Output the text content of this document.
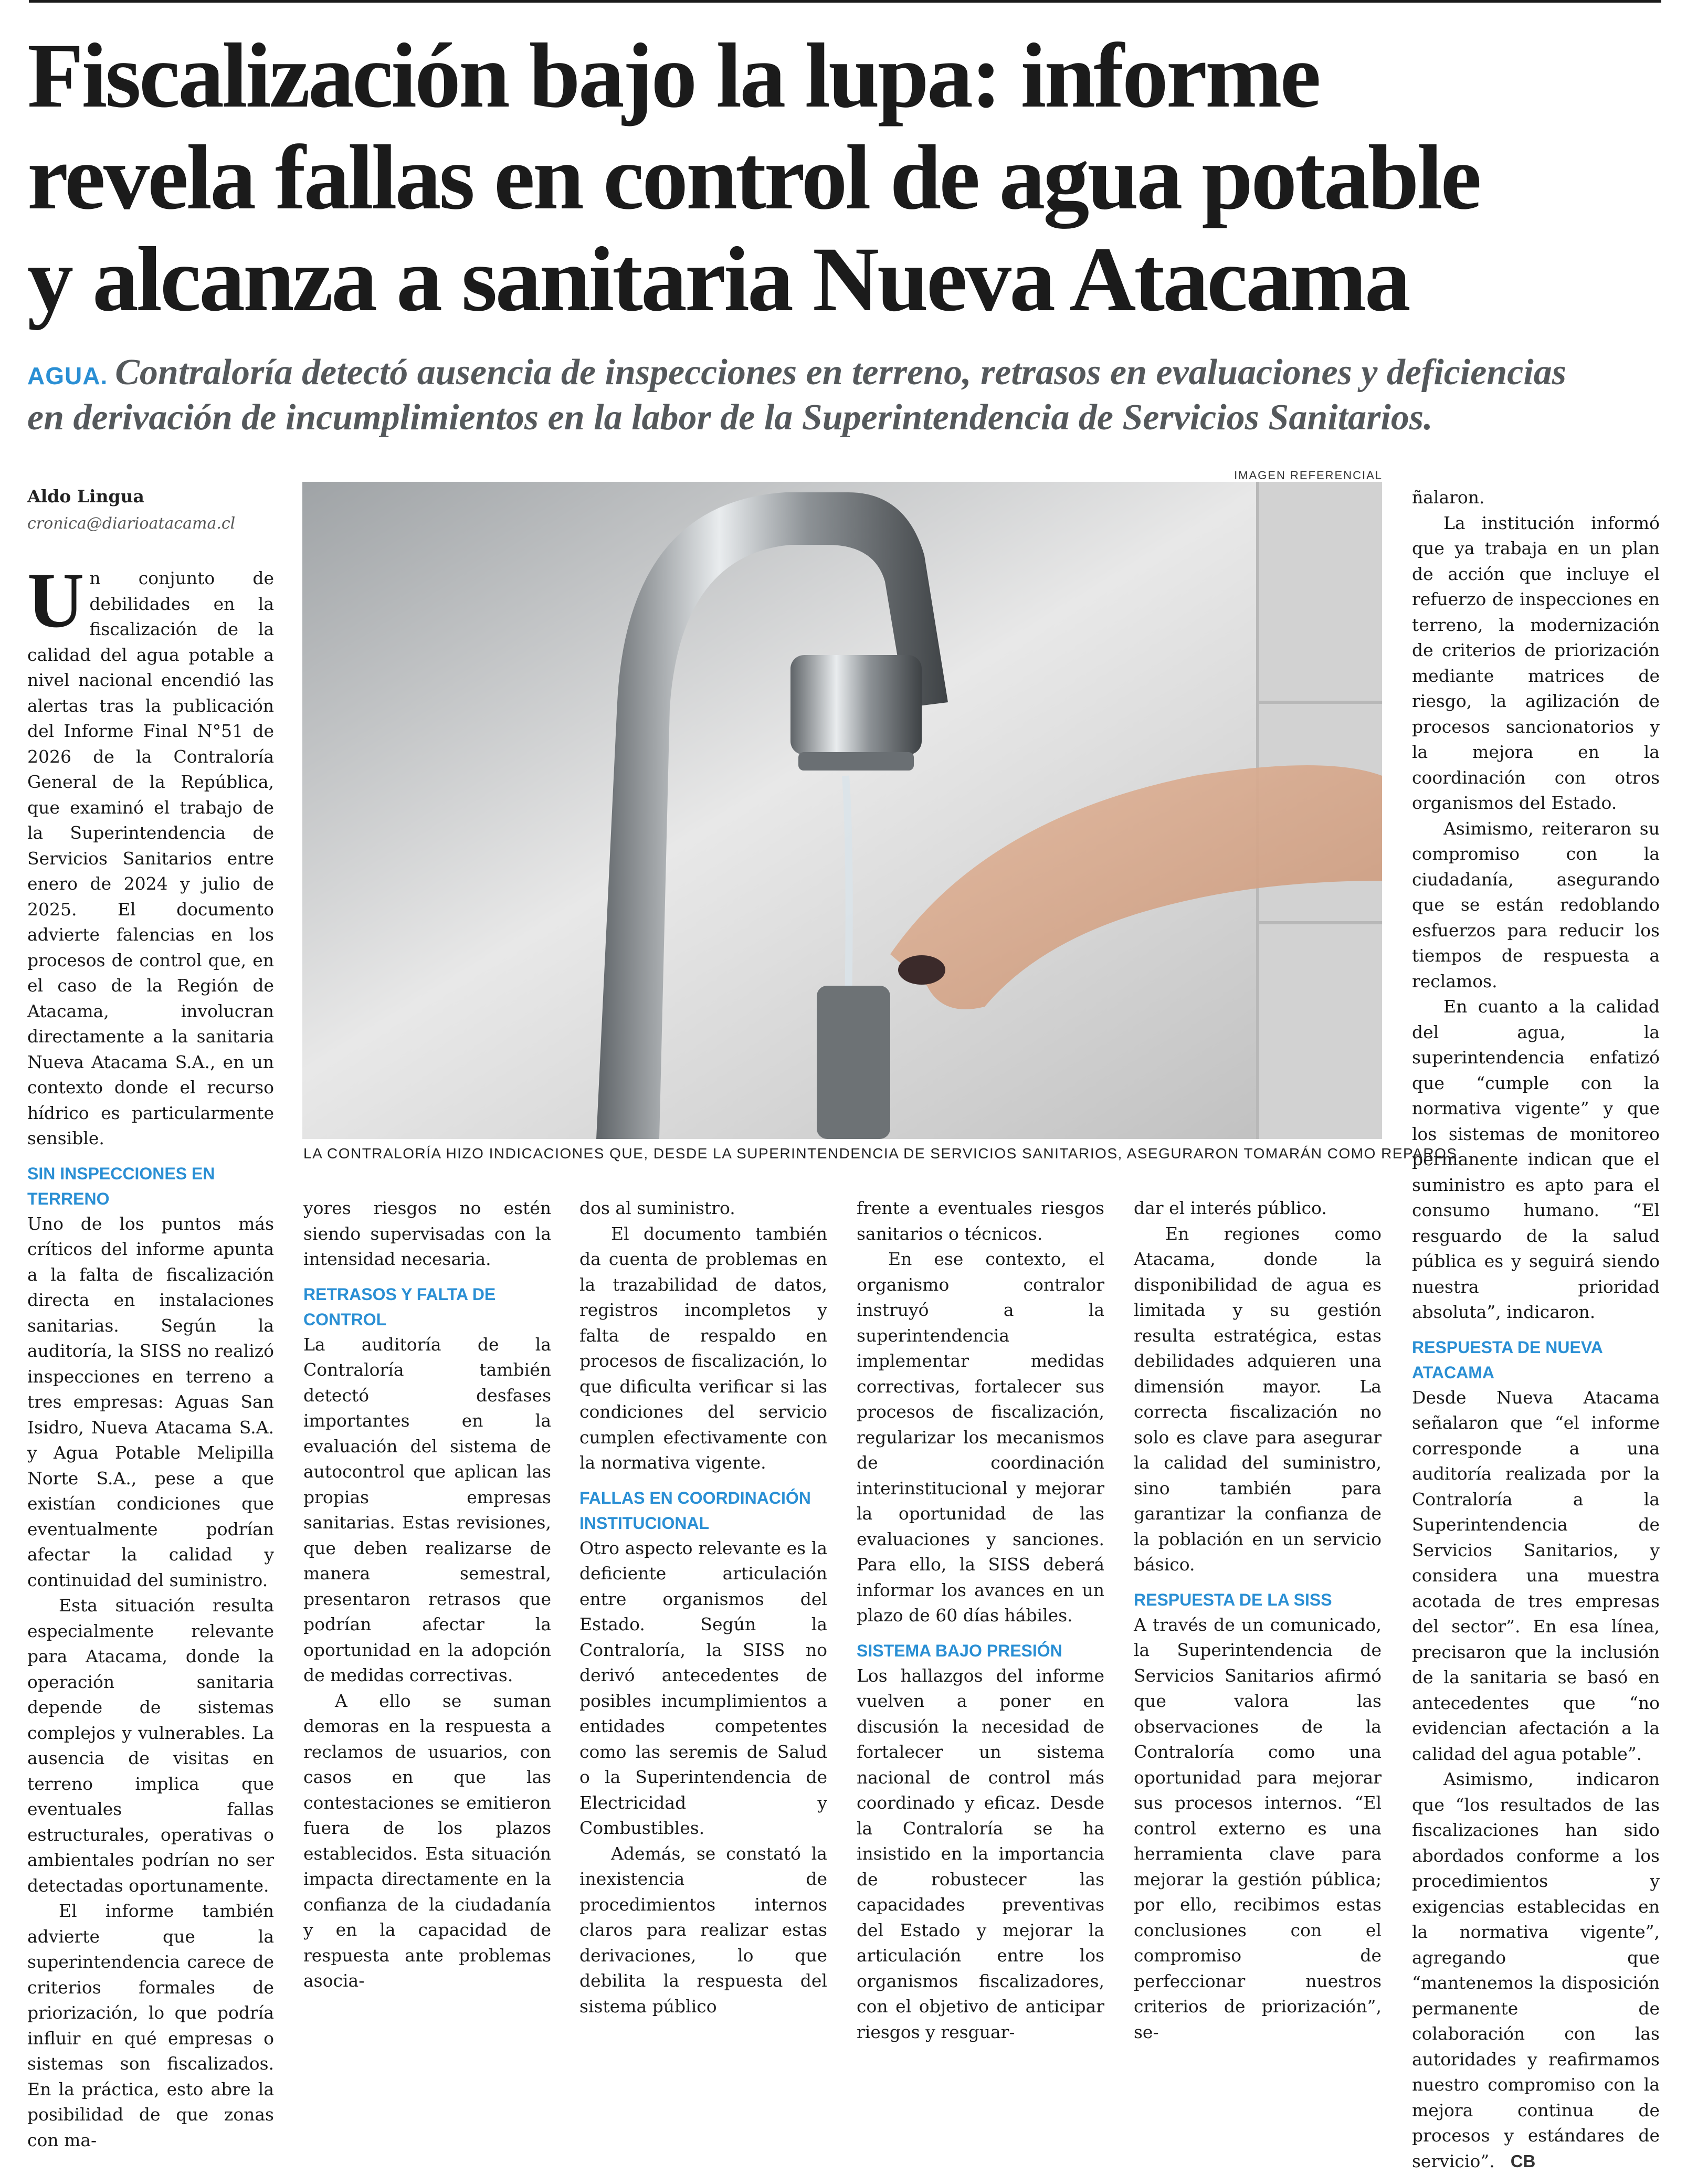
Fiscalización bajo la lupa: informe
revela fallas en control de agua potable
y alcanza a sanitaria Nueva Atacama
AGUA. Contraloría detectó ausencia de inspecciones en terreno, retrasos en evaluaciones y deficiencias
en derivación de incumplimientos en la labor de la Superintendencia de Servicios Sanitarios.
IMAGEN REFERENCIAL
Aldo Lingua
cronica@diarioatacama.cl
LA CONTRALORÍA HIZO INDICACIONES QUE, DESDE LA SUPERINTENDENCIA DE SERVICIOS SANITARIOS, ASEGURARON TOMARÁN COMO REPAROS.

Un conjunto de debilidades en la fiscalización de la calidad del agua potable a nivel nacional encendió las alertas tras la publicación del Informe Final N°51 de 2026 de la Contraloría General de la República, que examinó el trabajo de la Superintendencia de Servicios Sanitarios entre enero de 2024 y julio de 2025. El documento advierte falencias en los procesos de control que, en el caso de la Región de Atacama, involucran directamente a la sanitaria Nueva Atacama S.A., en un contexto donde el recurso hídrico es particularmente sensible.

SIN INSPECCIONES EN TERRENO

Uno de los puntos más críticos del informe apunta a la falta de fiscalización directa en instalaciones sanitarias. Según la auditoría, la SISS no realizó inspecciones en terreno a tres empresas: Aguas San Isidro, Nueva Atacama S.A. y Agua Potable Melipilla Norte S.A., pese a que existían condiciones que eventualmente podrían afectar la calidad y continuidad del suministro.

Esta situación resulta especialmente relevante para Atacama, donde la operación sanitaria depende de sistemas complejos y vulnerables. La ausencia de visitas en terreno implica que eventuales fallas estructurales, operativas o ambientales podrían no ser detectadas oportunamente.

El informe también advierte que la superintendencia carece de criterios formales de priorización, lo que podría influir en qué empresas o sistemas son fiscalizados. En la práctica, esto abre la posibilidad de que zonas con ma-

yores riesgos no estén siendo supervisadas con la intensidad necesaria.

RETRASOS Y FALTA DE CONTROL

La auditoría de la Contraloría también detectó desfases importantes en la evaluación del sistema de autocontrol que aplican las propias empresas sanitarias. Estas revisiones, que deben realizarse de manera semestral, presentaron retrasos que podrían afectar la oportunidad en la adopción de medidas correctivas.

A ello se suman demoras en la respuesta a reclamos de usuarios, con casos en que las contestaciones se emitieron fuera de los plazos establecidos. Esta situación impacta directamente en la confianza de la ciudadanía y en la capacidad de respuesta ante problemas asocia-

dos al suministro.

El documento también da cuenta de problemas en la trazabilidad de datos, registros incompletos y falta de respaldo en procesos de fiscalización, lo que dificulta verificar si las condiciones del servicio cumplen efectivamente con la normativa vigente.

FALLAS EN COORDINACIÓN INSTITUCIONAL

Otro aspecto relevante es la deficiente articulación entre organismos del Estado. Según la Contraloría, la SISS no derivó antecedentes de posibles incumplimientos a entidades competentes como las seremis de Salud o la Superintendencia de Electricidad y Combustibles.

Además, se constató la inexistencia de procedimientos internos claros para realizar estas derivaciones, lo que debilita la respuesta del sistema público

frente a eventuales riesgos sanitarios o técnicos.

En ese contexto, el organismo contralor instruyó a la superintendencia implementar medidas correctivas, fortalecer sus procesos de fiscalización, regularizar los mecanismos de coordinación interinstitucional y mejorar la oportunidad de las evaluaciones y sanciones. Para ello, la SISS deberá informar los avances en un plazo de 60 días hábiles.

SISTEMA BAJO PRESIÓN

Los hallazgos del informe vuelven a poner en discusión la necesidad de fortalecer un sistema nacional de control más coordinado y eficaz. Desde la Contraloría se ha insistido en la importancia de robustecer las capacidades preventivas del Estado y mejorar la articulación entre los organismos fiscalizadores, con el objetivo de anticipar riesgos y resguar-

dar el interés público.

En regiones como Atacama, donde la disponibilidad de agua es limitada y su gestión resulta estratégica, estas debilidades adquieren una dimensión mayor. La correcta fiscalización no solo es clave para asegurar la calidad del suministro, sino también para garantizar la confianza de la población en un servicio básico.

RESPUESTA DE LA SISS

A través de un comunicado, la Superintendencia de Servicios Sanitarios afirmó que valora las observaciones de la Contraloría como una oportunidad para mejorar sus procesos internos. “El control externo es una herramienta clave para mejorar la gestión pública; por ello, recibimos estas conclusiones con el compromiso de perfeccionar nuestros criterios de priorización”, se-

ñalaron.

La institución informó que ya trabaja en un plan de acción que incluye el refuerzo de inspecciones en terreno, la modernización de criterios de priorización mediante matrices de riesgo, la agilización de procesos sancionatorios y la mejora en la coordinación con otros organismos del Estado.

Asimismo, reiteraron su compromiso con la ciudadanía, asegurando que se están redoblando esfuerzos para reducir los tiempos de respuesta a reclamos.

En cuanto a la calidad del agua, la superintendencia enfatizó que “cumple con la normativa vigente” y que los sistemas de monitoreo permanente indican que el suministro es apto para el consumo humano. “El resguardo de la salud pública es y seguirá siendo nuestra prioridad absoluta”, indicaron.

RESPUESTA DE NUEVA ATACAMA

Desde Nueva Atacama señalaron que “el informe corresponde a una auditoría realizada por la Contraloría a la Superintendencia de Servicios Sanitarios, y considera una muestra acotada de tres empresas del sector”. En esa línea, precisaron que la inclusión de la sanitaria se basó en antecedentes que “no evidencian afectación a la calidad del agua potable”.

Asimismo, indicaron que “los resultados de las fiscalizaciones han sido abordados conforme a los procedimientos y exigencias establecidas en la normativa vigente”, agregando que “mantenemos la disposición permanente de colaboración con las autoridades y reafirmamos nuestro compromiso con la mejora continua de procesos y estándares de servicio”. CB
